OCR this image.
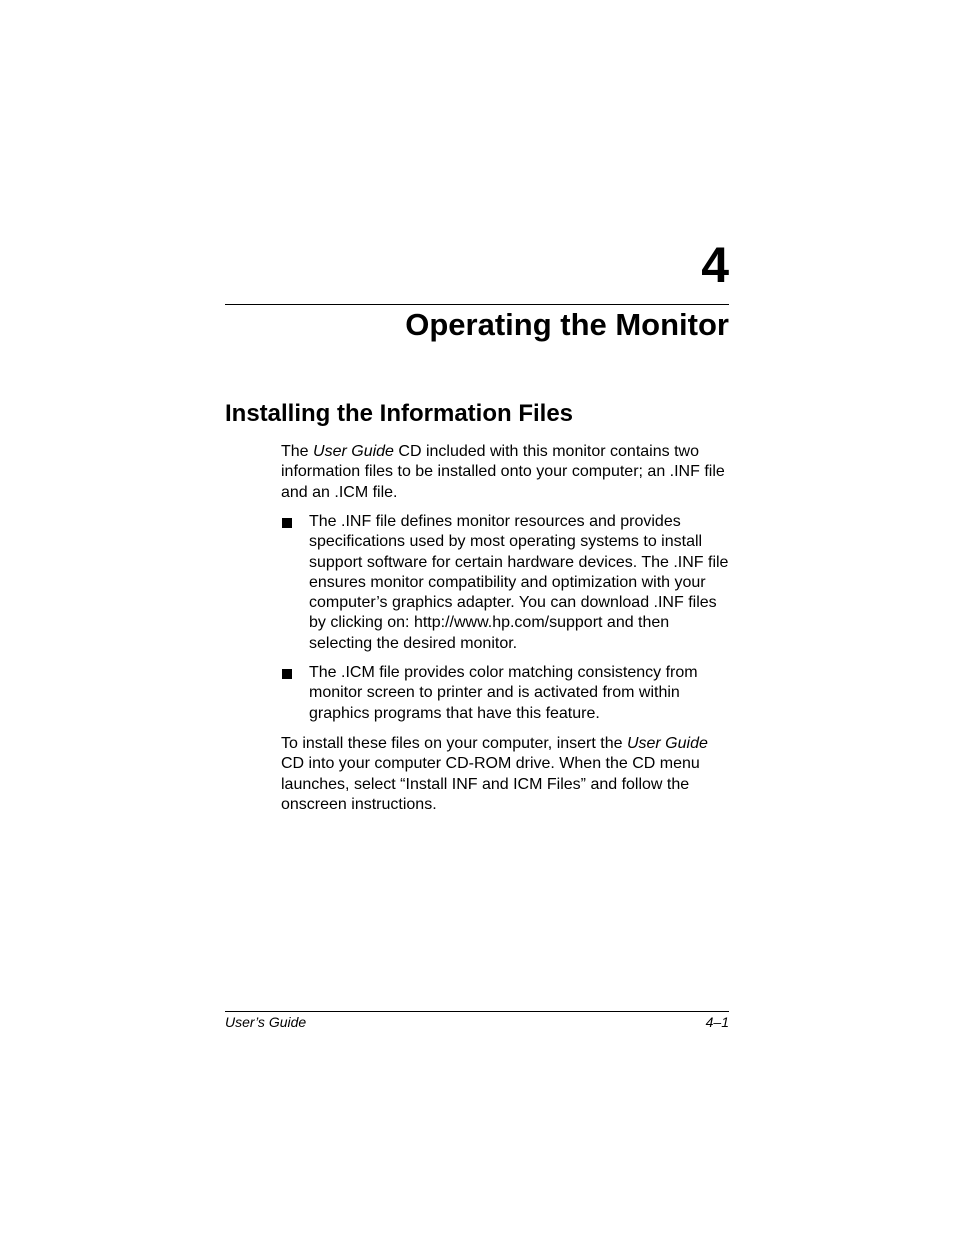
4
Operating the Monitor
Installing the Information Files

The User Guide CD included with this monitor contains two information files to be installed onto your computer; an .INF file and an .ICM file.

The .INF file defines monitor resources and provides specifications used by most operating systems to install support software for certain hardware devices. The .INF file ensures monitor compatibility and optimization with your computer’s graphics adapter. You can download .INF files by clicking on: http://www.hp.com/support and then selecting the desired monitor.
The .ICM file provides color matching consistency from monitor screen to printer and is activated from within graphics programs that have this feature.

To install these files on your computer, insert the User Guide CD into your computer CD-ROM drive. When the CD menu launches, select “Install INF and ICM Files” and follow the onscreen instructions.

User’s Guide	4–1
